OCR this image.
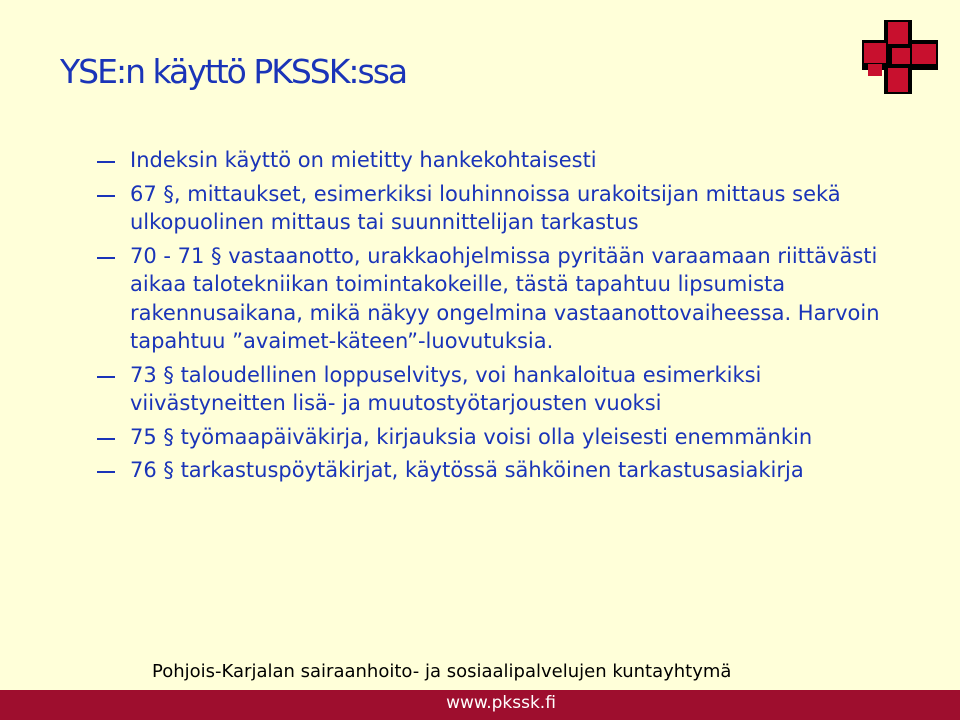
YSE:n käyttö PKSSK:ssa
Indeksin käyttö on mietitty hankekohtaisesti
67 §, mittaukset, esimerkiksi louhinnoissa urakoitsijan mittaus sekä ulkopuolinen mittaus tai suunnittelijan tarkastus
70 - 71 § vastaanotto, urakkaohjelmissa pyritään varaamaan riittävästi aikaa talotekniikan toimintakokeille, tästä tapahtuu lipsumista rakennusaikana, mikä näkyy ongelmina vastaanottovaiheessa. Harvoin tapahtuu ”avaimet-käteen”-luovutuksia.
73 § taloudellinen loppuselvitys, voi hankaloitua esimerkiksi viivästyneitten lisä- ja muutostyötarjousten vuoksi
75 § työmaapäiväkirja, kirjauksia voisi olla yleisesti enemmänkin
76 § tarkastuspöytäkirjat, käytössä sähköinen tarkastusasiakirja
Pohjois-Karjalan sairaanhoito- ja sosiaalipalvelujen kuntayhtymä
www.pkssk.fi
